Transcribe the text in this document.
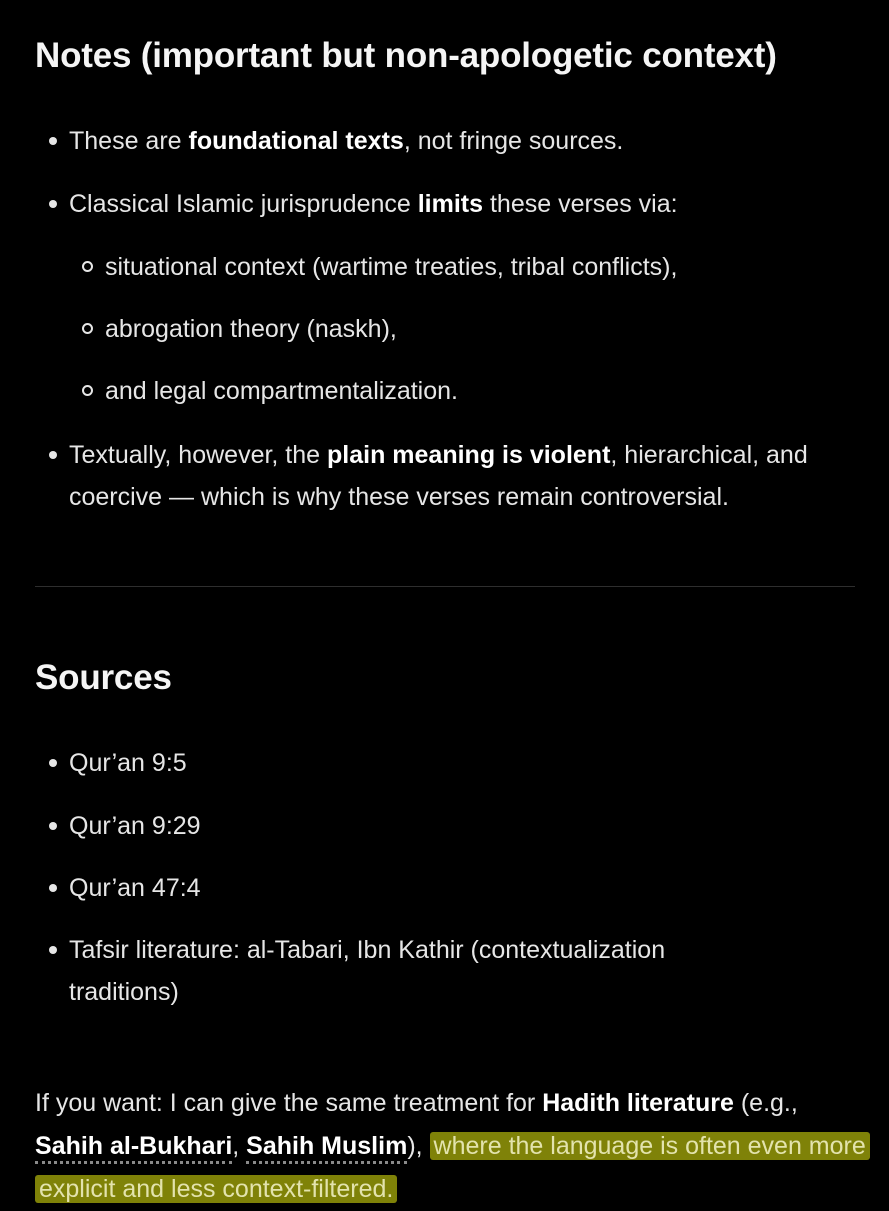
Notes (important but non-apologetic context)
These are foundational texts, not fringe sources.
Classical Islamic jurisprudence limits these verses via:
situational context (wartime treaties, tribal conflicts),
abrogation theory (naskh),
and legal compartmentalization.
Textually, however, the plain meaning is violent, hierarchical, and coercive — which is why these verses remain controversial.
Sources
Qur’an 9:5
Qur’an 9:29
Qur’an 47:4
Tafsir literature: al-Tabari, Ibn Kathir (contextualization traditions)

If you want: I can give the same treatment for Hadith literature (e.g., Sahih al-Bukhari, Sahih Muslim), where the language is often even more explicit and less context-filtered.
